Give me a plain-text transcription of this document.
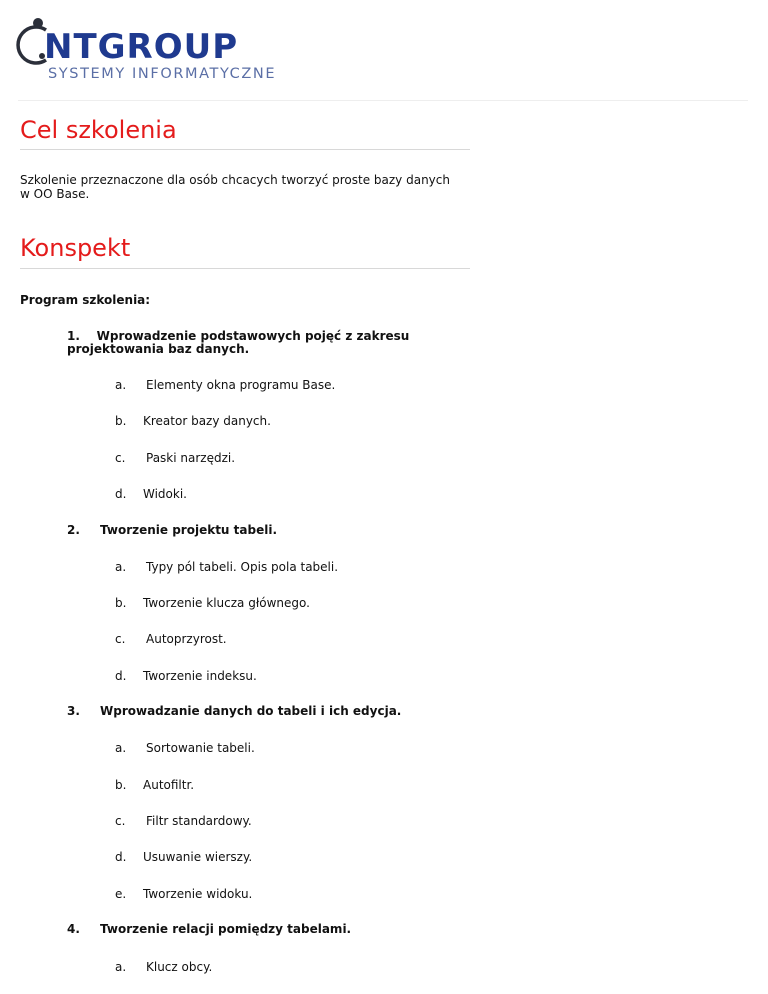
NTGROUP
SYSTEMY INFORMATYCZNE
Cel szkolenia
Szkolenie przeznaczone dla osób chcacych tworzyć proste bazy danych w OO Base.
Konspekt
Program szkolenia:
1. Wprowadzenie podstawowych pojęć z zakresu projektowania baz danych.
a.	Elementy okna programu Base.
b.	Kreator bazy danych.
c.	Paski narzędzi.
d.	Widoki.
2. Tworzenie projektu tabeli.
a.	Typy pól tabeli. Opis pola tabeli.
b.	Tworzenie klucza głównego.
c.	Autoprzyrost.
d.	Tworzenie indeksu.
3. Wprowadzanie danych do tabeli i ich edycja.
a.	Sortowanie tabeli.
b.	Autofiltr.
c.	Filtr standardowy.
d.	Usuwanie wierszy.
e.	Tworzenie widoku.
4. Tworzenie relacji pomiędzy tabelami.
a.	Klucz obcy.
